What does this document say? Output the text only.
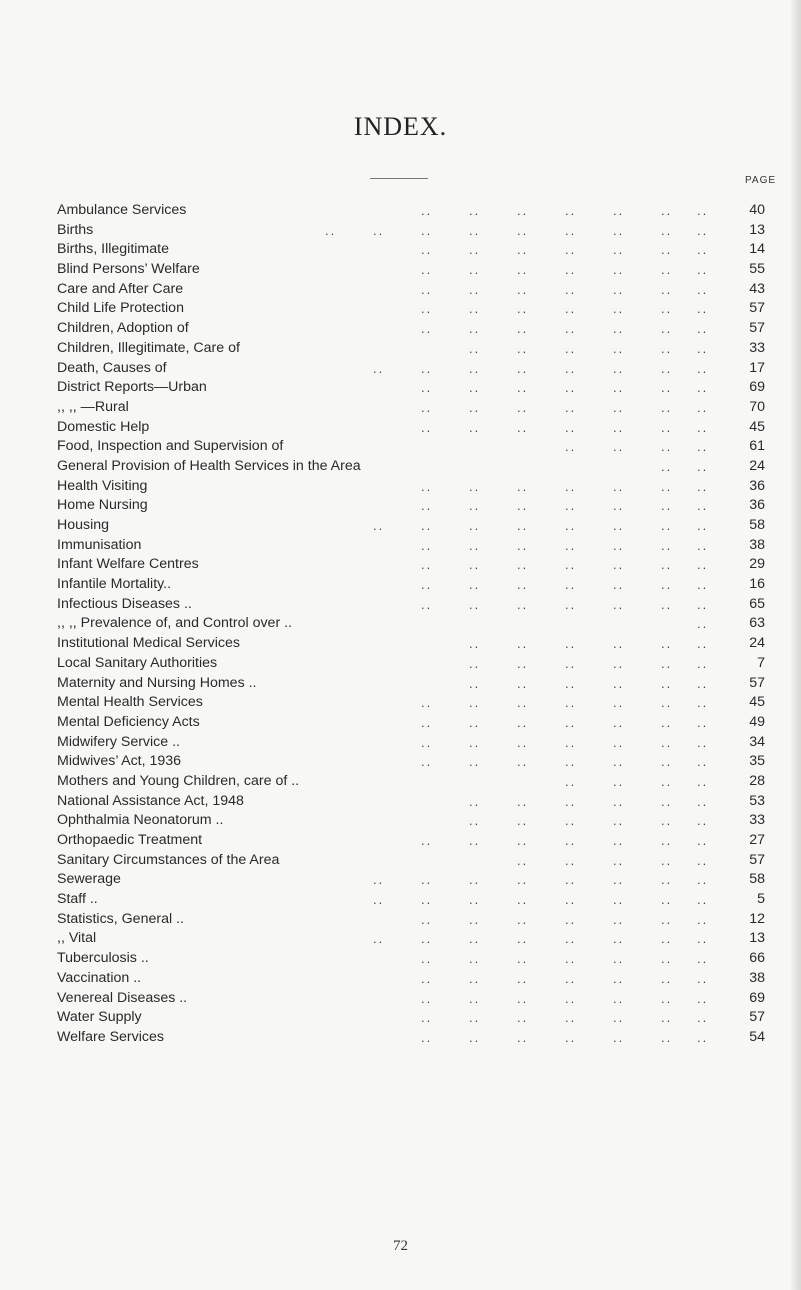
INDEX.
PAGE
Ambulance Services	..	..	..	..	..	.. ..	40
Births	..	..	..	..	..	..	..	.. ..	13
Births, Illegitimate	..	..	..	..	..	.. ..	14
Blind Persons’ Welfare	..	..	..	..	..	.. ..	55
Care and After Care	..	..	..	..	..	.. ..	43
Child Life Protection	..	..	..	..	..	.. ..	57
Children, Adoption of	..	..	..	..	..	.. ..	57
Children, Illegitimate, Care of	..	..	..	..	.. ..	33
Death, Causes of	..	..	..	..	..	..	.. ..	17
District Reports—Urban	..	..	..	..	..	.. ..	69
,, ,, —Rural	..	..	..	..	..	.. ..	70
Domestic Help	..	..	..	..	..	.. ..	45
Food, Inspection and Supervision of	..	..	.. ..	61
General Provision of Health Services in the Area	.. ..	24
Health Visiting	..	..	..	..	..	.. ..	36
Home Nursing	..	..	..	..	..	.. ..	36
Housing	..	..	..	..	..	..	.. ..	58
Immunisation	..	..	..	..	..	.. ..	38
Infant Welfare Centres	..	..	..	..	..	.. ..	29
Infantile Mortality..	..	..	..	..	..	.. ..	16
Infectious Diseases ..	..	..	..	..	..	.. ..	65
,, ,, Prevalence of, and Control over ..	..	63
Institutional Medical Services	..	..	..	..	.. ..	24
Local Sanitary Authorities	..	..	..	..	.. ..	7
Maternity and Nursing Homes ..	..	..	..	..	.. ..	57
Mental Health Services	..	..	..	..	..	.. ..	45
Mental Deficiency Acts	..	..	..	..	..	.. ..	49
Midwifery Service ..	..	..	..	..	..	.. ..	34
Midwives’ Act, 1936	..	..	..	..	..	.. ..	35
Mothers and Young Children, care of ..	..	..	.. ..	28
National Assistance Act, 1948	..	..	..	..	.. ..	53
Ophthalmia Neonatorum ..	..	..	..	..	.. ..	33
Orthopaedic Treatment	..	..	..	..	..	.. ..	27
Sanitary Circumstances of the Area	..	..	..	.. ..	57
Sewerage	..	..	..	..	..	..	.. ..	58
Staff ..	..	..	..	..	..	..	.. ..	5
Statistics, General ..	..	..	..	..	..	.. ..	12
,, Vital	..	..	..	..	..	..	.. ..	13
Tuberculosis ..	..	..	..	..	..	.. ..	66
Vaccination ..	..	..	..	..	..	.. ..	38
Venereal Diseases ..	..	..	..	..	..	.. ..	69
Water Supply	..	..	..	..	..	.. ..	57
Welfare Services	..	..	..	..	..	.. ..	54
72
